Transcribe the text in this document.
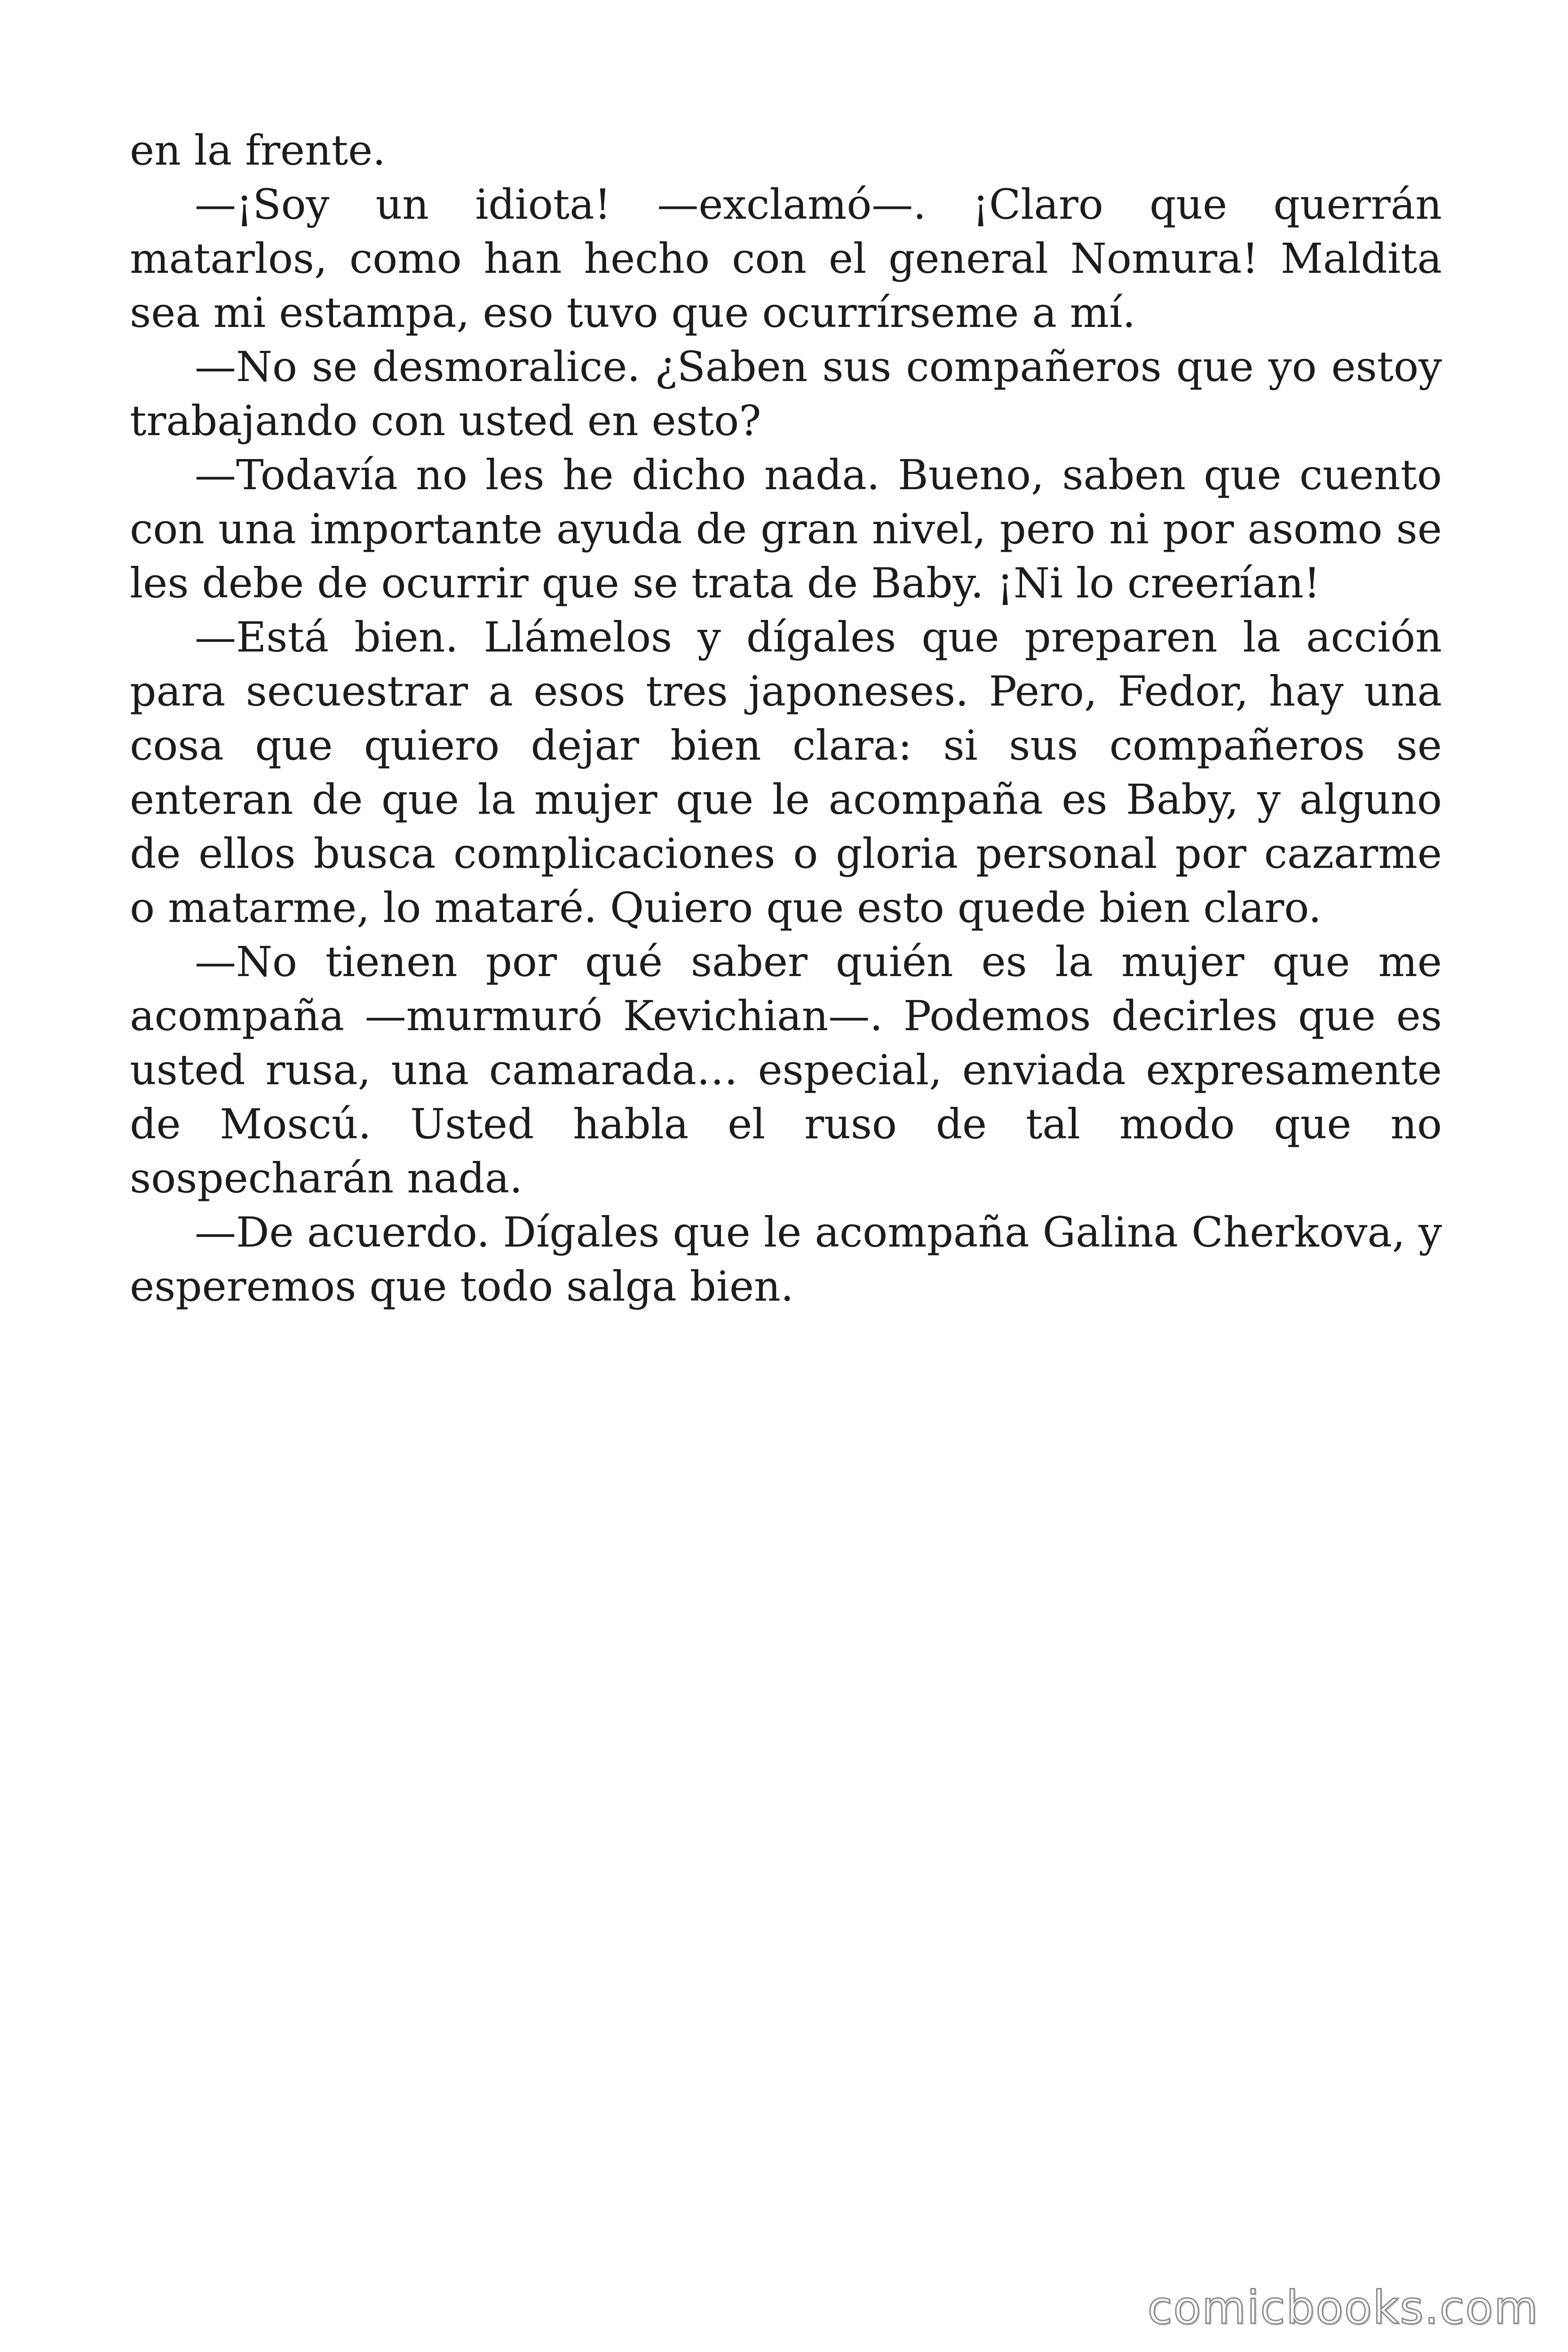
en la frente.

—¡Soy un idiota! —exclamó—. ¡Claro que querrán matarlos, como han hecho con el general Nomura! Maldita sea mi estampa, eso tuvo que ocurrírseme a mí.

—No se desmoralice. ¿Saben sus compañeros que yo estoy trabajando con usted en esto?

—Todavía no les he dicho nada. Bueno, saben que cuento con una importante ayuda de gran nivel, pero ni por asomo se les debe de ocurrir que se trata de Baby. ¡Ni lo creerían!

—Está bien. Llámelos y dígales que preparen la acción para secuestrar a esos tres japoneses. Pero, Fedor, hay una cosa que quiero dejar bien clara: si sus compañeros se enteran de que la mujer que le acompaña es Baby, y alguno de ellos busca complicaciones o gloria personal por cazarme o matarme, lo mataré. Quiero que esto quede bien claro.

—No tienen por qué saber quién es la mujer que me acompaña —murmuró Kevichian—. Podemos decirles que es usted rusa, una camarada… especial, enviada expresamente de Moscú. Usted habla el ruso de tal modo que no sospecharán nada.

—De acuerdo. Dígales que le acompaña Galina Cherkova, y esperemos que todo salga bien.

comicbooks.com
